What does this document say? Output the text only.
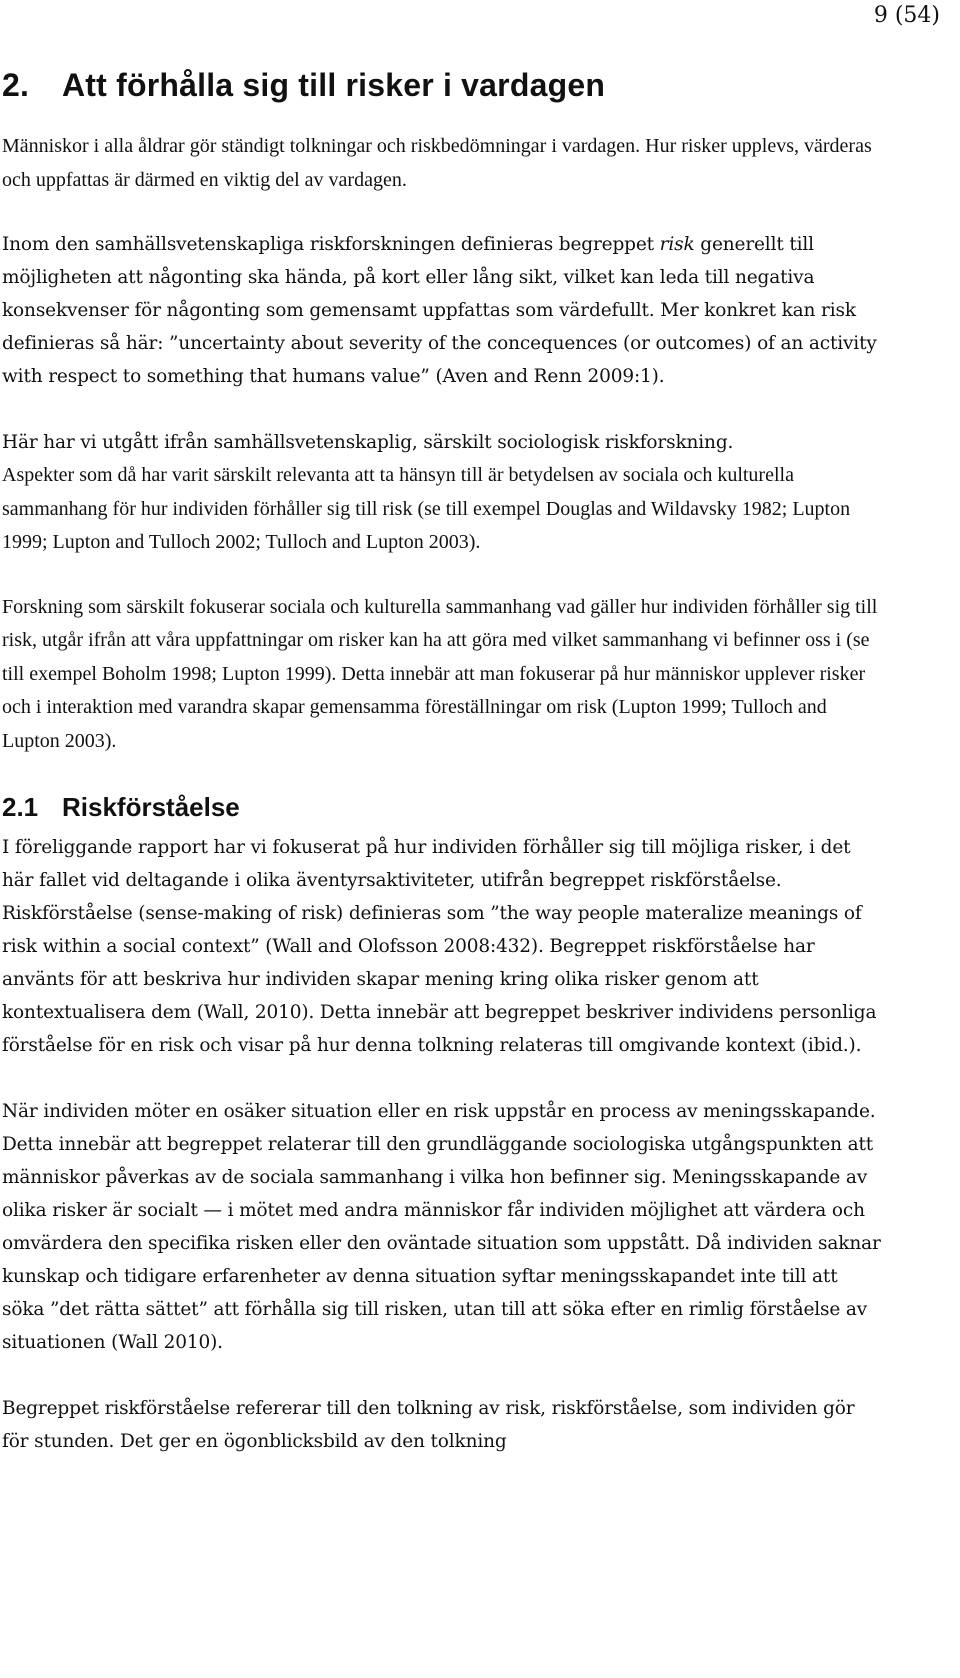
9 (54)
2. Att förhålla sig till risker i vardagen

Människor i alla åldrar gör ständigt tolkningar och riskbedömningar i vardagen. Hur risker upplevs, värderas och uppfattas är därmed en viktig del av vardagen.

Inom den samhällsvetenskapliga riskforskningen definieras begreppet risk generellt till möjligheten att någonting ska hända, på kort eller lång sikt, vilket kan leda till negativa konsekvenser för någonting som gemensamt uppfattas som värdefullt. Mer konkret kan risk definieras så här: ”uncertainty about severity of the concequences (or outcomes) of an activity with respect to something that humans value” (Aven and Renn 2009:1).

Här har vi utgått ifrån samhällsvetenskaplig, särskilt sociologisk riskforskning.

Aspekter som då har varit särskilt relevanta att ta hänsyn till är betydelsen av sociala och kulturella sammanhang för hur individen förhåller sig till risk (se till exempel Douglas and Wildavsky 1982; Lupton 1999; Lupton and Tulloch 2002; Tulloch and Lupton 2003).

Forskning som särskilt fokuserar sociala och kulturella sammanhang vad gäller hur individen förhåller sig till risk, utgår ifrån att våra uppfattningar om risker kan ha att göra med vilket sammanhang vi befinner oss i (se till exempel Boholm 1998; Lupton 1999). Detta innebär att man fokuserar på hur människor upplever risker och i interaktion med varandra skapar gemensamma föreställningar om risk (Lupton 1999; Tulloch and Lupton 2003).

2.1 Riskförståelse

I föreliggande rapport har vi fokuserat på hur individen förhåller sig till möjliga risker, i det här fallet vid deltagande i olika äventyrsaktiviteter, utifrån begreppet riskförståelse. Riskförståelse (sense-making of risk) definieras som ”the way people materalize meanings of risk within a social context” (Wall and Olofsson 2008:432). Begreppet riskförståelse har använts för att beskriva hur individen skapar mening kring olika risker genom att kontextualisera dem (Wall, 2010). Detta innebär att begreppet beskriver individens personliga förståelse för en risk och visar på hur denna tolkning relateras till omgivande kontext (ibid.).

När individen möter en osäker situation eller en risk uppstår en process av meningsskapande. Detta innebär att begreppet relaterar till den grundläggande sociologiska utgångspunkten att människor påverkas av de sociala sammanhang i vilka hon befinner sig. Meningsskapande av olika risker är socialt — i mötet med andra människor får individen möjlighet att värdera och omvärdera den specifika risken eller den oväntade situation som uppstått. Då individen saknar kunskap och tidigare erfarenheter av denna situation syftar meningsskapandet inte till att söka ”det rätta sättet” att förhålla sig till risken, utan till att söka efter en rimlig förståelse av situationen (Wall 2010).

Begreppet riskförståelse refererar till den tolkning av risk, riskförståelse, som individen gör för stunden. Det ger en ögonblicksbild av den tolkning
